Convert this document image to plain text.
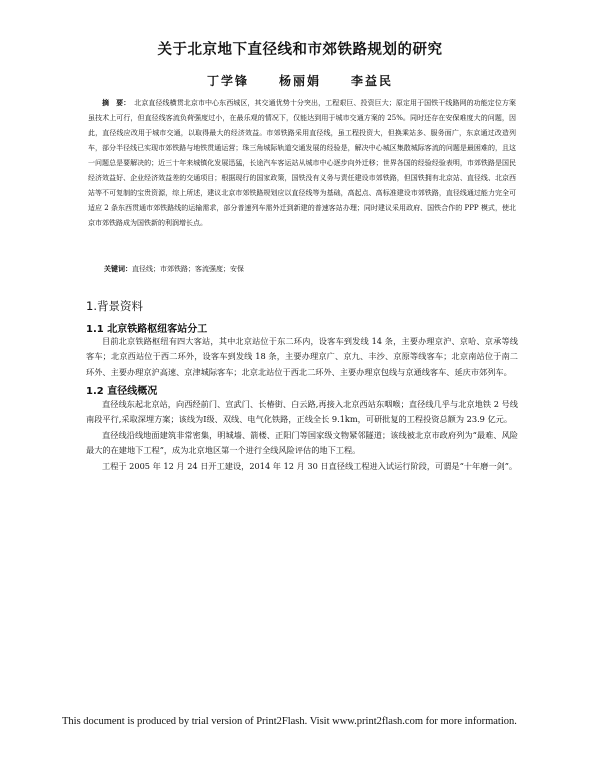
关于北京地下直径线和市郊铁路规划的研究
丁学锋	杨丽娟	李益民

摘　要： 北京直径线横贯北京市中心东西城区，其交通优势十分突出，工程艰巨、投资巨大；原定用于国铁干线路网的功能定位方案虽技术上可行，但直径线客流负荷强度过小，在最乐观的情况下，仅能达到用于城市交通方案的 25%。同时还存在安保难度大的问题，因此，直径线应改用于城市交通，以取得最大的经济效益。市郊铁路采用直径线，虽工程投资大，但换乘站多、服务面广，东京通过改造列车，部分半径线已实现市郊铁路与地铁贯通运营；珠三角城际轨道交通发展的经验是，解决中心城区集散城际客流的问题是最困难的，且这一问题总是要解决的；近三十年来城镇化发展迅猛，长途汽车客运站从城市中心逐步向外迁移；世界各国的经验经验表明，市郊铁路是国民经济效益好、企业经济效益差的交通项目；根据现行的国家政策，国铁没有义务与责任建设市郊铁路，但国铁拥有北京站、直径线、北京西站等不可复制的宝贵资源，综上所述，建议北京市郊铁路规划应以直径线等为基础，高起点、高标准建设市郊铁路，直径线通过能力完全可适应 2 条东西贯通市郊铁路线的运输需求，部分普速列车需外迁到新建的普速客站办理；同时建议采用政府、国铁合作的 PPP 模式，使北京市郊铁路成为国铁新的利润增长点。

关键词：直径线；市郊铁路；客流强度；安保
1.背景资料
1.1 北京铁路枢纽客站分工

目前北京铁路枢纽有四大客站，其中北京站位于东二环内，设客车到发线 14 条，主要办理京沪、京哈、京承等线客车；北京西站位于西二环外，设客车到发线 18 条，主要办理京广、京九、丰沙、京原等线客车；北京南站位于南二环外、主要办理京沪高速、京津城际客车；北京北站位于西北二环外、主要办理京包线与京通线客车、延庆市郊列车。

1.2 直径线概况

直径线东起北京站，向西经前门、宣武门、长椿街、白云路,再接入北京西站东咽喉；直径线几乎与北京地铁 2 号线南段平行,采取深埋方案；该线为Ⅰ级、双线、电气化铁路，正线全长 9.1km，可研批复的工程投资总额为 23.9 亿元。

直径线沿线地面建筑非常密集，明城墙、箭楼、正阳门等国家级文物紧邻隧道；该线被北京市政府列为“最难、风险最大的在建地下工程”，成为北京地区第一个进行全线风险评估的地下工程。

工程于 2005 年 12 月 24 日开工建设，2014 年 12 月 30 日直径线工程进入试运行阶段，可谓是“十年磨一剑”。

This document is produced by trial version of Print2Flash. Visit www.print2flash.com for more information.
